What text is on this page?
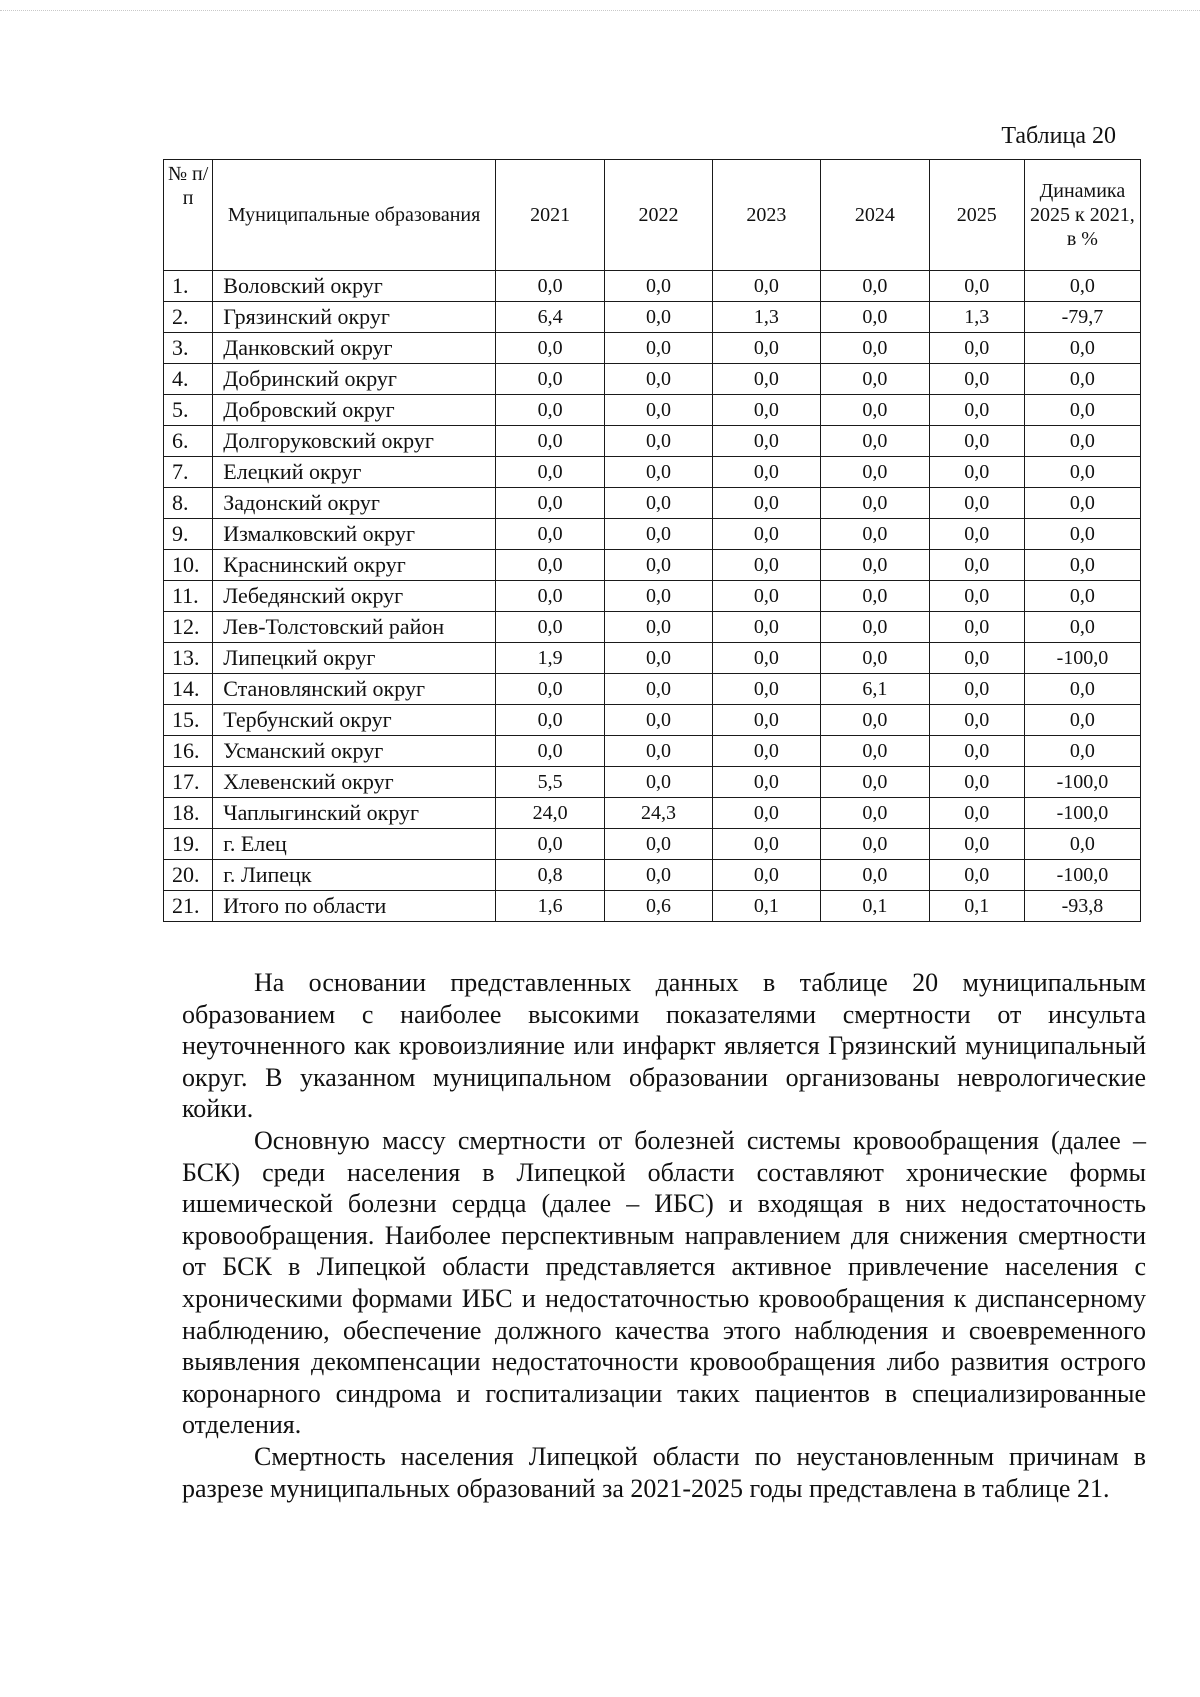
Таблица 20
№ п/п	Муниципальные образования	2021	2022	2023	2024	2025	Динамика 2025 к 2021, в %
1.	Воловский округ	0,0	0,0	0,0	0,0	0,0	0,0
2.	Грязинский округ	6,4	0,0	1,3	0,0	1,3	-79,7
3.	Данковский округ	0,0	0,0	0,0	0,0	0,0	0,0
4.	Добринский округ	0,0	0,0	0,0	0,0	0,0	0,0
5.	Добровский округ	0,0	0,0	0,0	0,0	0,0	0,0
6.	Долгоруковский округ	0,0	0,0	0,0	0,0	0,0	0,0
7.	Елецкий округ	0,0	0,0	0,0	0,0	0,0	0,0
8.	Задонский округ	0,0	0,0	0,0	0,0	0,0	0,0
9.	Измалковский округ	0,0	0,0	0,0	0,0	0,0	0,0
10.	Краснинский округ	0,0	0,0	0,0	0,0	0,0	0,0
11.	Лебедянский округ	0,0	0,0	0,0	0,0	0,0	0,0
12.	Лев-Толстовский район	0,0	0,0	0,0	0,0	0,0	0,0
13.	Липецкий округ	1,9	0,0	0,0	0,0	0,0	-100,0
14.	Становлянский округ	0,0	0,0	0,0	6,1	0,0	0,0
15.	Тербунский округ	0,0	0,0	0,0	0,0	0,0	0,0
16.	Усманский округ	0,0	0,0	0,0	0,0	0,0	0,0
17.	Хлевенский округ	5,5	0,0	0,0	0,0	0,0	-100,0
18.	Чаплыгинский округ	24,0	24,3	0,0	0,0	0,0	-100,0
19.	г. Елец	0,0	0,0	0,0	0,0	0,0	0,0
20.	г. Липецк	0,8	0,0	0,0	0,0	0,0	-100,0
21.	Итого по области	1,6	0,6	0,1	0,1	0,1	-93,8

На основании представленных данных в таблице 20 муниципальным образованием с наиболее высокими показателями смертности от инсульта неуточненного как кровоизлияние или инфаркт является Грязинский муниципальный округ. В указанном муниципальном образовании организованы неврологические койки.

Основную массу смертности от болезней системы кровообращения (далее – БСК) среди населения в Липецкой области составляют хронические формы ишемической болезни сердца (далее – ИБС) и входящая в них недостаточность кровообращения. Наиболее перспективным направлением для снижения смертности от БСК в Липецкой области представляется активное привлечение населения с хроническими формами ИБС и недостаточностью кровообращения к диспансерному наблюдению, обеспечение должного качества этого наблюдения и своевременного выявления декомпенсации недостаточности кровообращения либо развития острого коронарного синдрома и госпитализации таких пациентов в специализированные отделения.

Смертность населения Липецкой области по неустановленным причинам в разрезе муниципальных образований за 2021-2025 годы представлена в таблице 21.
